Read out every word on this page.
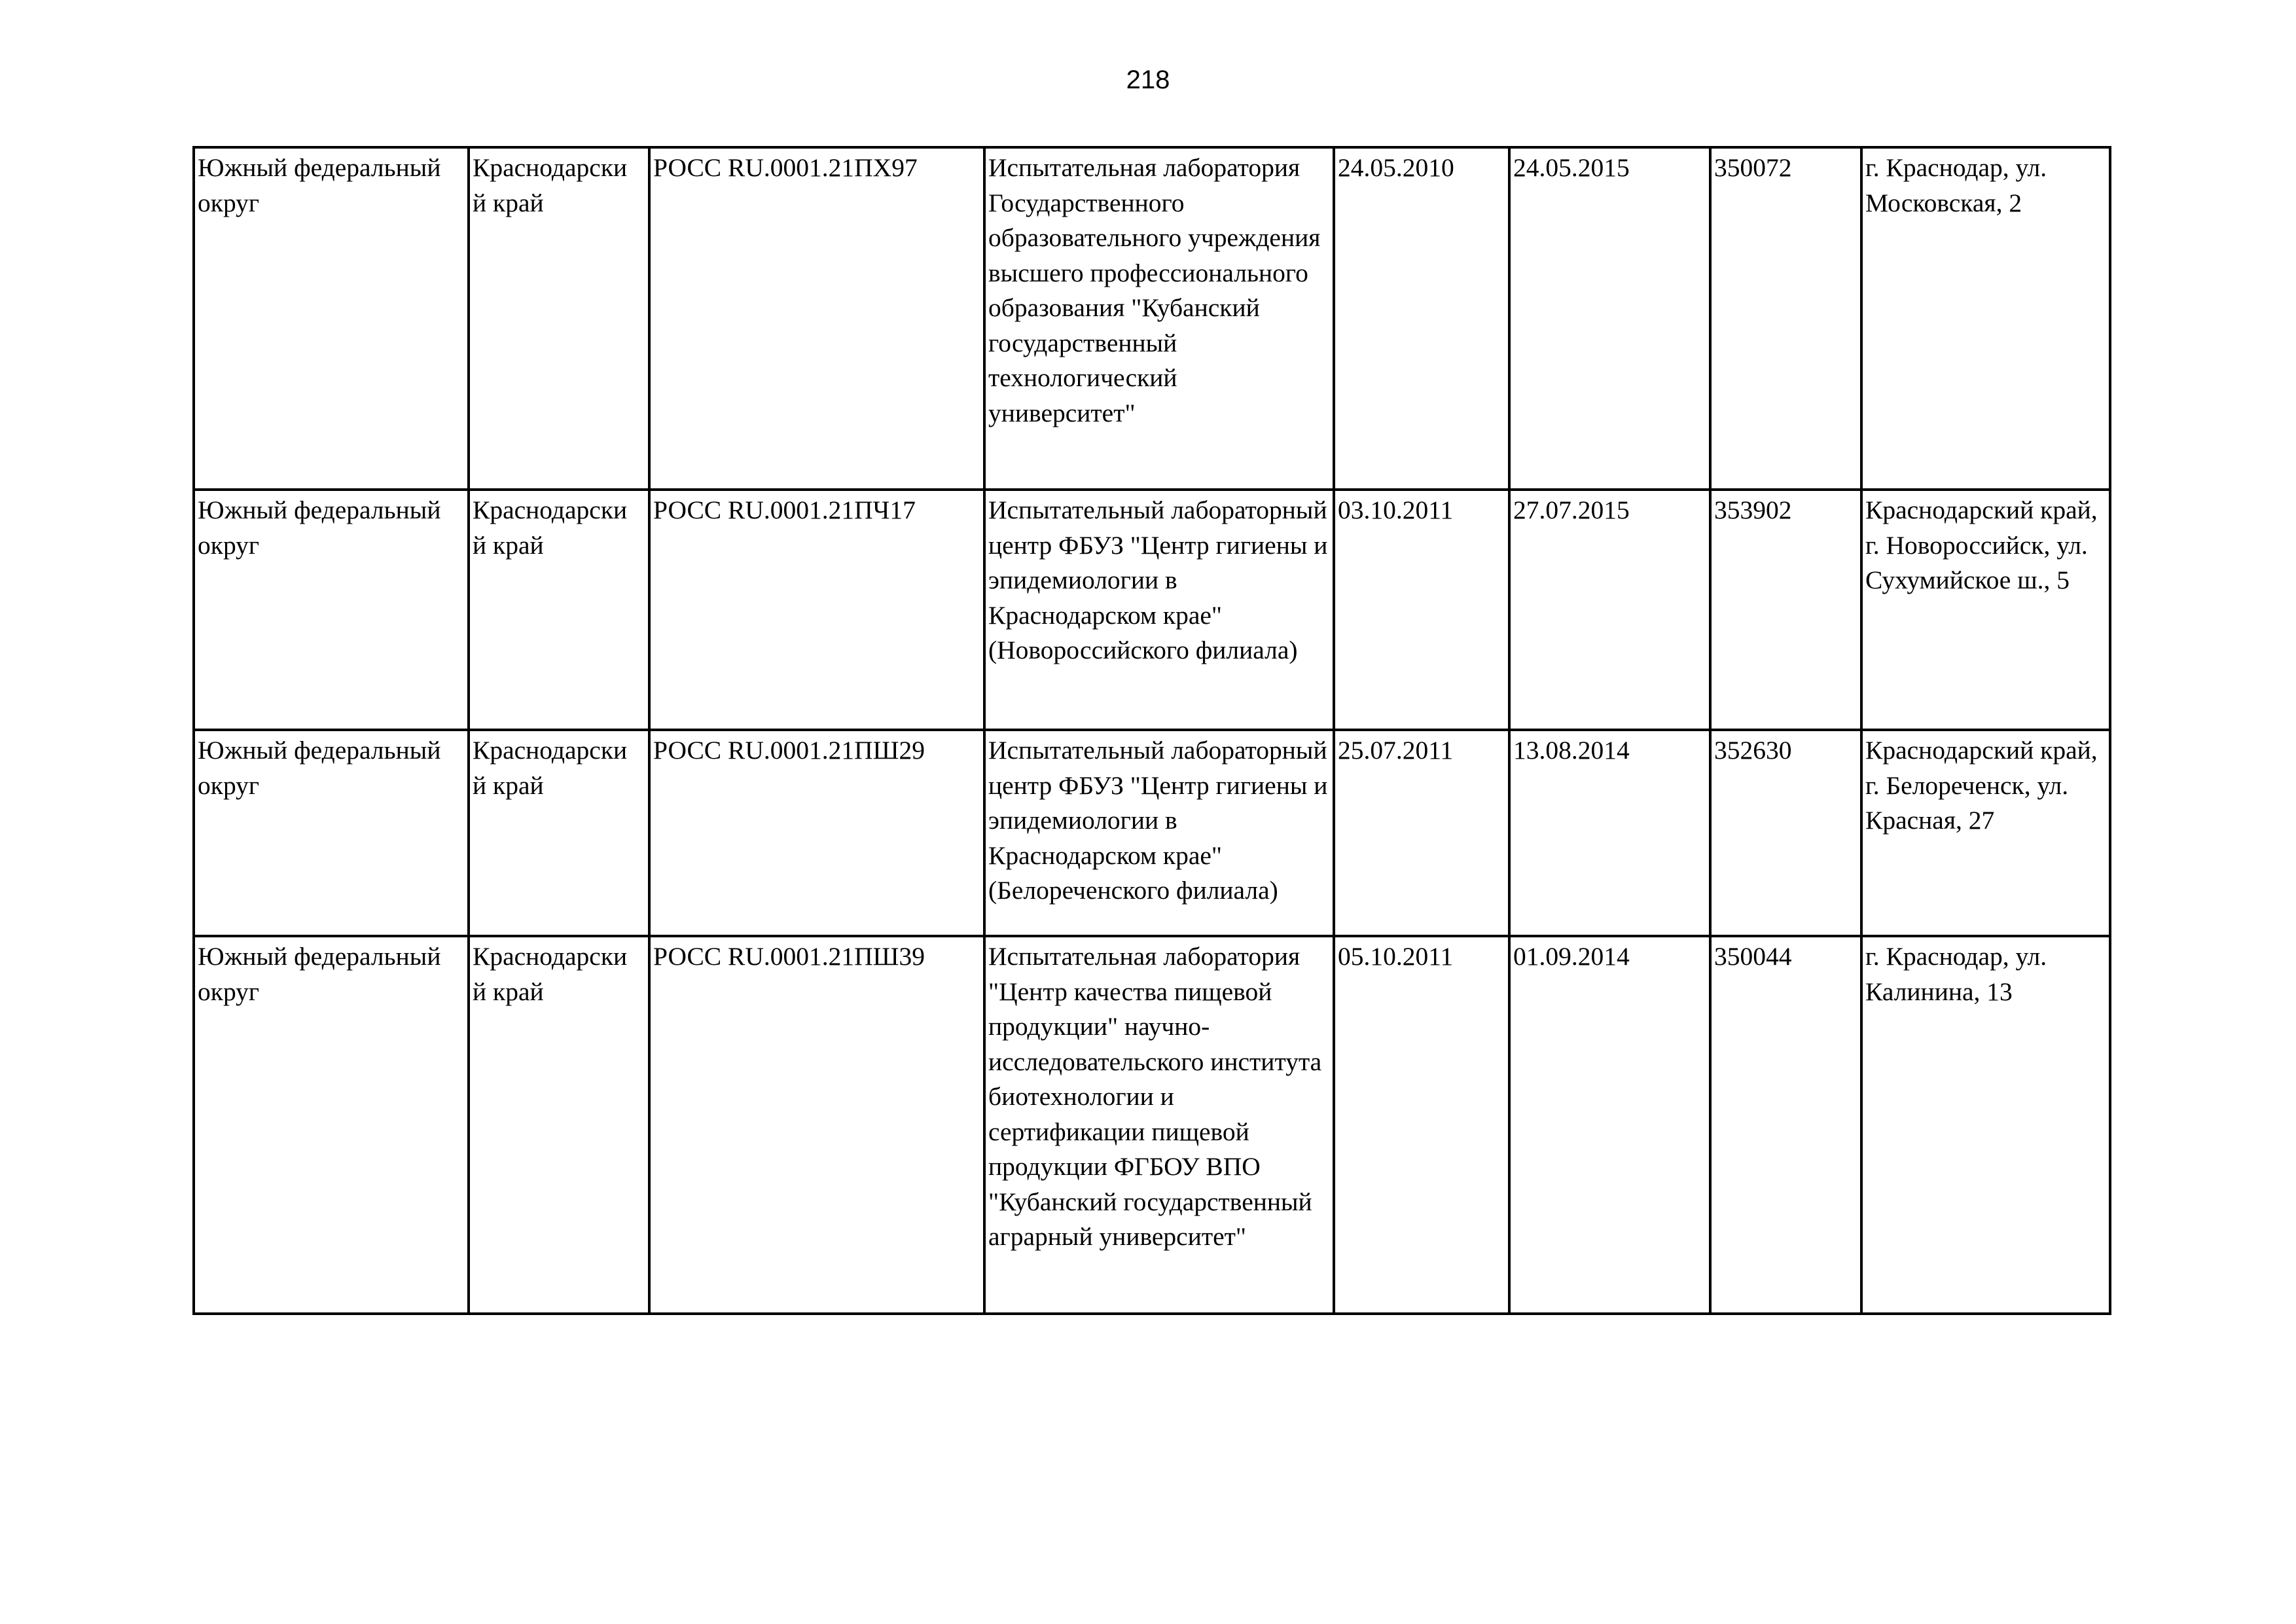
218
Южный федеральный округ	Краснодарски й край	РОСС RU.0001.21ПХ97	Испытательная лаборатория Государственного образовательного учреждения высшего профессионального образования "Кубанский государственный технологический университет"	24.05.2010	24.05.2015	350072	г. Краснодар, ул. Московская, 2

Южный федеральный округ	Краснодарски й край	РОСС RU.0001.21ПЧ17	Испытательный лабораторный центр ФБУЗ "Центр гигиены и эпидемиологии в Краснодарском крае" (Новороссийского филиала)	03.10.2011	27.07.2015	353902	Краснодарский край, г. Новороссийск, ул. Сухумийское ш., 5

Южный федеральный округ	Краснодарски й край	РОСС RU.0001.21ПШ29	Испытательный лабораторный центр ФБУЗ "Центр гигиены и эпидемиологии в Краснодарском крае" (Белореченского филиала)	25.07.2011	13.08.2014	352630	Краснодарский край, г. Белореченск, ул. Красная, 27

Южный федеральный округ	Краснодарски й край	РОСС RU.0001.21ПШ39	Испытательная лаборатория "Центр качества пищевой продукции" научно-исследовательского института биотехнологии и сертификации пищевой продукции ФГБОУ ВПО "Кубанский государственный аграрный университет"	05.10.2011	01.09.2014	350044	г. Краснодар, ул. Калинина, 13
